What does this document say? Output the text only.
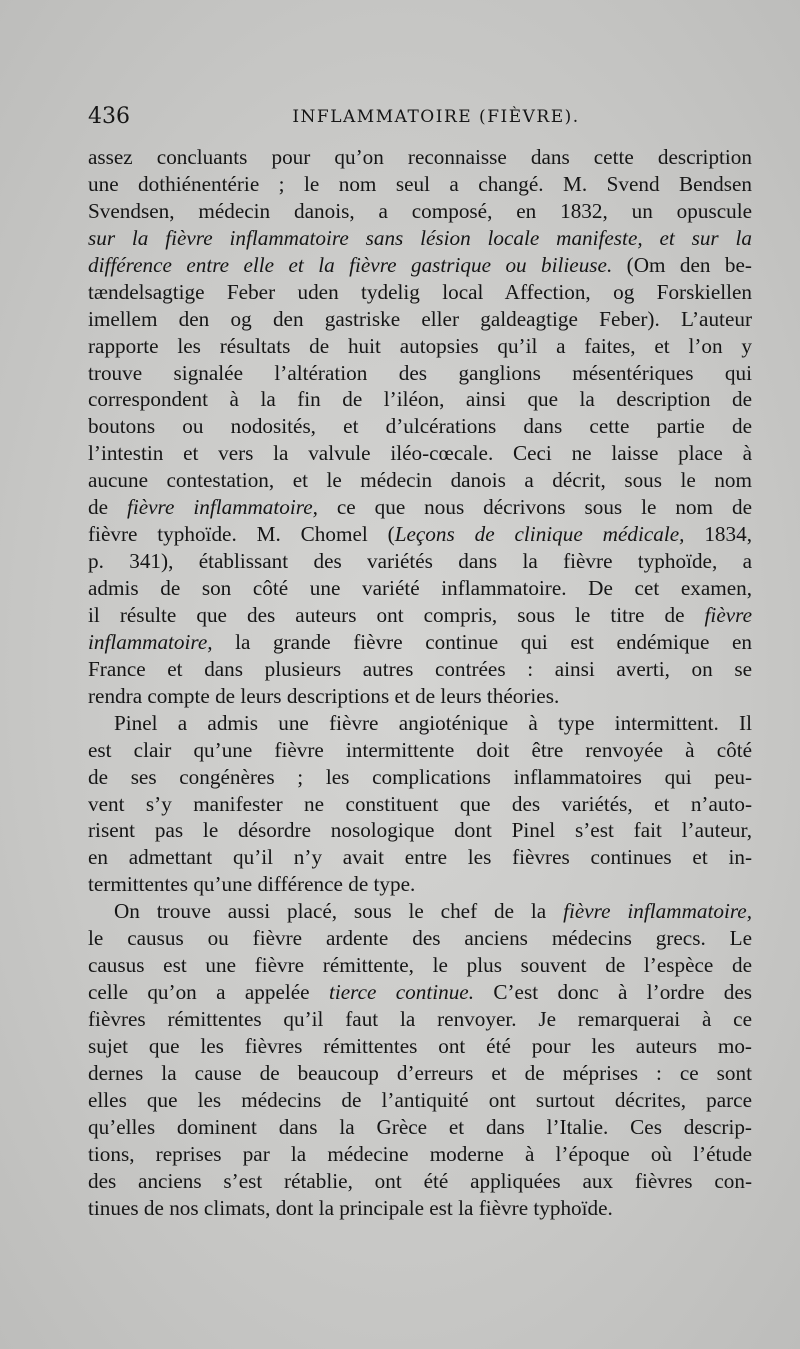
436	INFLAMMATOIRE (FIÈVRE).
assez concluants pour qu’on reconnaisse dans cette description
une dothiénentérie ; le nom seul a changé. M. Svend Bendsen
Svendsen, médecin danois, a composé, en 1832, un opuscule
sur la fièvre inflammatoire sans lésion locale manifeste, et sur la
différence entre elle et la fièvre gastrique ou bilieuse. (Om den be-
tændelsagtige Feber uden tydelig local Affection, og Forskiellen
imellem den og den gastriske eller galdeagtige Feber). L’auteur
rapporte les résultats de huit autopsies qu’il a faites, et l’on y
trouve signalée l’altération des ganglions mésentériques qui
correspondent à la fin de l’iléon, ainsi que la description de
boutons ou nodosités, et d’ulcérations dans cette partie de
l’intestin et vers la valvule iléo-cœcale. Ceci ne laisse place à
aucune contestation, et le médecin danois a décrit, sous le nom
de fièvre inflammatoire, ce que nous décrivons sous le nom de
fièvre typhoïde. M. Chomel (Leçons de clinique médicale, 1834,
p. 341), établissant des variétés dans la fièvre typhoïde, a
admis de son côté une variété inflammatoire. De cet examen,
il résulte que des auteurs ont compris, sous le titre de fièvre
inflammatoire, la grande fièvre continue qui est endémique en
France et dans plusieurs autres contrées : ainsi averti, on se
rendra compte de leurs descriptions et de leurs théories.
Pinel a admis une fièvre angioténique à type intermittent. Il
est clair qu’une fièvre intermittente doit être renvoyée à côté
de ses congénères ; les complications inflammatoires qui peu-
vent s’y manifester ne constituent que des variétés, et n’auto-
risent pas le désordre nosologique dont Pinel s’est fait l’auteur,
en admettant qu’il n’y avait entre les fièvres continues et in-
termittentes qu’une différence de type.
On trouve aussi placé, sous le chef de la fièvre inflammatoire,
le causus ou fièvre ardente des anciens médecins grecs. Le
causus est une fièvre rémittente, le plus souvent de l’espèce de
celle qu’on a appelée tierce continue. C’est donc à l’ordre des
fièvres rémittentes qu’il faut la renvoyer. Je remarquerai à ce
sujet que les fièvres rémittentes ont été pour les auteurs mo-
dernes la cause de beaucoup d’erreurs et de méprises : ce sont
elles que les médecins de l’antiquité ont surtout décrites, parce
qu’elles dominent dans la Grèce et dans l’Italie. Ces descrip-
tions, reprises par la médecine moderne à l’époque où l’étude
des anciens s’est rétablie, ont été appliquées aux fièvres con-
tinues de nos climats, dont la principale est la fièvre typhoïde.
